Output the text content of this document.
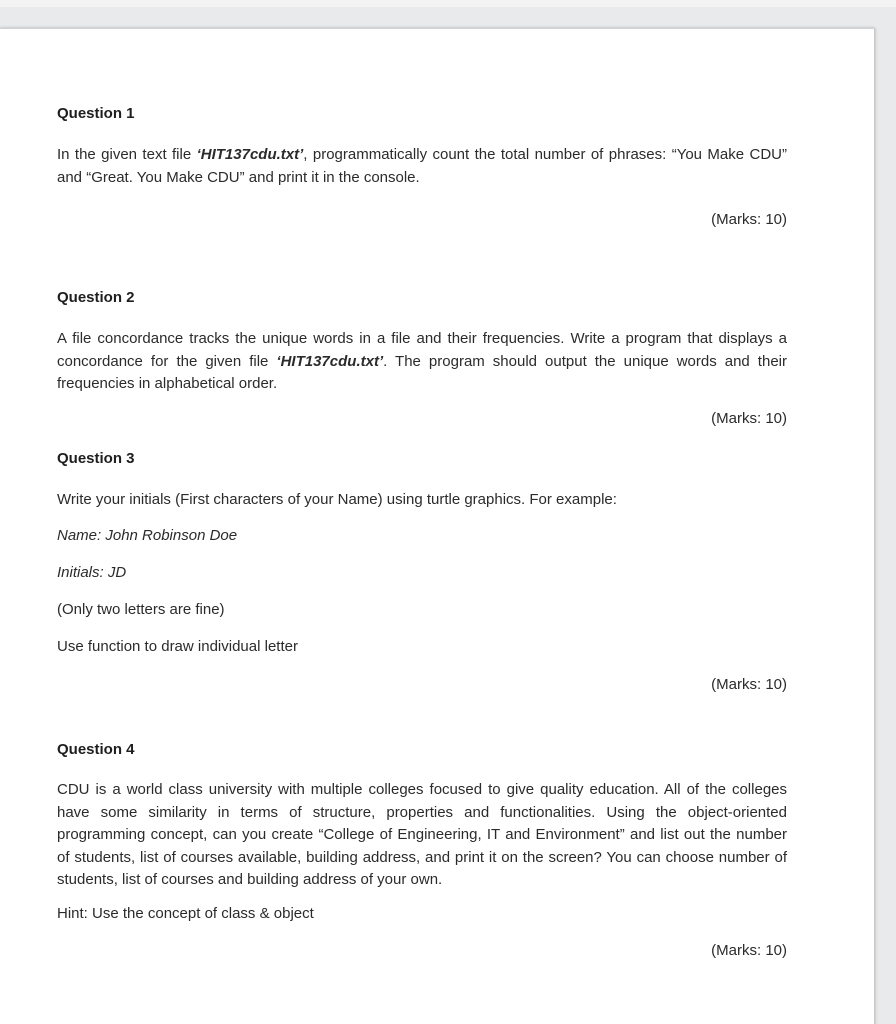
Question 1

In the given text file ‘HIT137cdu.txt’, programmatically count the total number of phrases: “You Make CDU” and “Great. You Make CDU” and print it in the console.

(Marks: 10)
Question 2

A file concordance tracks the unique words in a file and their frequencies. Write a program that displays a concordance for the given file ‘HIT137cdu.txt’. The program should output the unique words and their frequencies in alphabetical order.

(Marks: 10)
Question 3
Write your initials (First characters of your Name) using turtle graphics. For example:
Name: John Robinson Doe
Initials: JD
(Only two letters are fine)
Use function to draw individual letter
(Marks: 10)
Question 4

CDU is a world class university with multiple colleges focused to give quality education. All of the colleges have some similarity in terms of structure, properties and functionalities. Using the object-oriented programming concept, can you create “College of Engineering, IT and Environment” and list out the number of students, list of courses available, building address, and print it on the screen? You can choose number of students, list of courses and building address of your own.

Hint: Use the concept of class & object
(Marks: 10)
